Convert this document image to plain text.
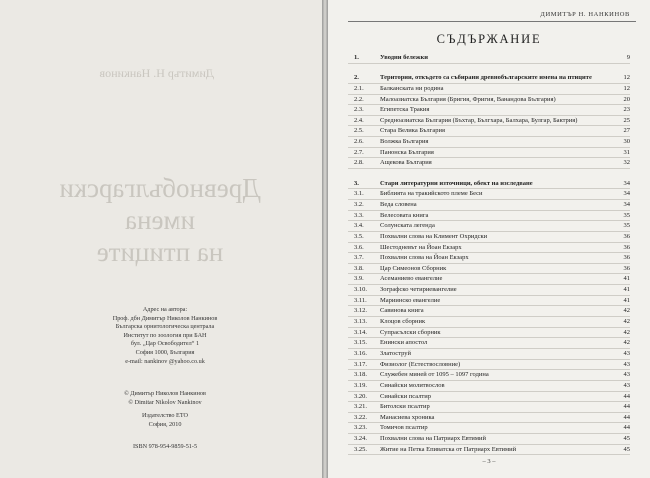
Димитър Н. Нанкинов
Древнобългарски
имена
на птиците
Адрес на автора:
Проф. дбн Димитър Николов Нанкинов
Българска орнитологическа централа
Институт по зоология при БАН
бул. „Цар Освободител“ 1
София 1000, България
e-mail: nankinov @yahoo.co.uk
© Димитър Николов Нанкинов
© Dimitar Nikolov Nankinov
Издателство ЕТО
София, 2010
ISBN 978-954-9859-51-5
ДИМИТЪР Н. НАНКИНОВ
СЪДЪРЖАНИЕ
1.	Уводни бележки	9
2.	Територии, откъдето са събирани древнобългарските имена на птиците	12
2.1.	Балканската ни родина	12
2.2.	Малоазиатска България (Бригия, Фригия, Ванандова България)	20
2.3.	Египетска Тракия	23
2.4.	Средноазиатска България (Бъхтар, Бългхара, Балхара, Булгар, Бактрия)	25
2.5.	Стара Велика България	27
2.6.	Волжка България	30
2.7.	Панонска България	31
2.8.	Ащекова България	32
3.	Стари литературни източници, обект на изследване	34
3.1.	Библията на тракийското племе Беси	34
3.2.	Веда словена	34
3.3.	Велесовата книга	35
3.4.	Солунската легенда	35
3.5.	Похвални слова на Климент Охридски	36
3.6.	Шестоднeвът на Йоан Екзарх	36
3.7.	Похвални слова на Йоан Екзарх	36
3.8.	Цар Симеонов Сборник	36
3.9.	Асеманиево евангелие	41
3.10. Зографско четириевангелие	41
3.11. Мариинско евангелие	41
3.12. Савинова книга	42
3.13. Клоцов сборник	42
3.14. Супрасълски сборник	42
3.15. Енински апостол	42
3.16. Златоструй	43
3.17. Физиолог (Естествословние)	43
3.18. Служебен миней от 1095 – 1097 година	43
3.19. Синайски молитвослов	43
3.20. Синайски псалтир	44
3.21. Битолски псалтир	44
3.22. Манасиева хроника	44
3.23. Томичов псалтир	44
3.24. Похвални слова на Патриарх Евтимий	45
3.25. Житие на Петка Епиватска от Патриарх Евтимий	45
– 3 –
